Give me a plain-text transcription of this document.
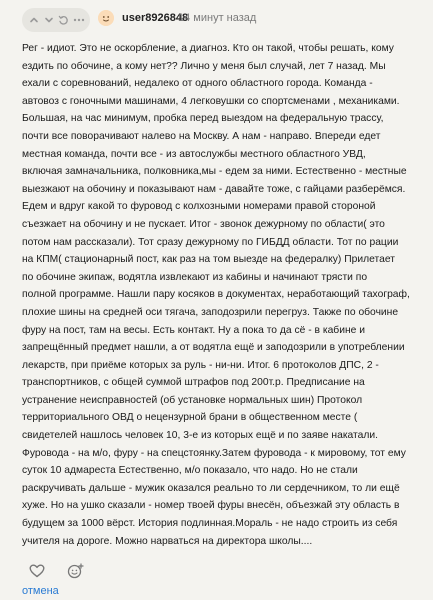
user8926848
14 минут назад

Рег - идиот. Это не оскорбление, а диагноз. Кто он такой, чтобы решать, кому

ездить по обочине, а кому нет?? Лично у меня был случай, лет 7 назад. Мы

ехали с соревнований, недалеко от одного областного города. Команда -

автовоз с гоночными машинами, 4 легковушки со спортсменами , механиками.

Большая, на час минимум, пробка перед выездом на федеральную трассу,

почти все поворачивают налево на Москву. А нам - направо. Впереди едет

местная команда, почти все - из автослужбы местного областного УВД,

включая замначальника, полковника,мы - едем за ними. Естественно - местные

выезжают на обочину и показывают нам - давайте тоже, с гайцами разберёмся.

Едем и вдруг какой то фуровод с колхозными номерами правой стороной

съезжает на обочину и не пускает. Итог - звонок дежурному по области( это

потом нам рассказали). Тот сразу дежурному по ГИБДД области. Тот по рации

на КПМ( стационарный пост, как раз на том выезде на федералку) Прилетает

по обочине экипаж, водятла извлекают из кабины и начинают трясти по

полной программе. Нашли пару косяков в документах, неработающий тахограф,

плохие шины на средней оси тягача, заподозрили перегруз. Также по обочине

фуру на пост, там на весы. Есть контакт. Ну а пока то да сё - в кабине и

запрещённый предмет нашли, а от водятла ещё и заподозрили в употреблении

лекарств, при приёме которых за руль - ни-ни. Итог. 6 протоколов ДПС, 2 -

транспортников, с общей суммой штрафов под 200т.р. Предписание на

устранение неисправностей (об установке нормальных шин) Протокол

территориального ОВД о нецензурной брани в общественном месте (

свидетелей нашлось человек 10, 3-е из которых ещё и по заяве накатали.

Фуровода - на м/о, фуру - на спецстоянку.Затем фуровода - к мировому, тот ему

суток 10 адмареста Естественно, м/о показало, что надо. Но не стали

раскручивать дальше - мужик оказался реально то ли сердечником, то ли ещё

хуже. Но на ушко сказали - номер твоей фуры внесён, объезжай эту область в

будущем за 1000 вёрст. История подлинная.Мораль - не надо строить из себя

учителя на дороге. Можно нарваться на директора школы....

отмена
